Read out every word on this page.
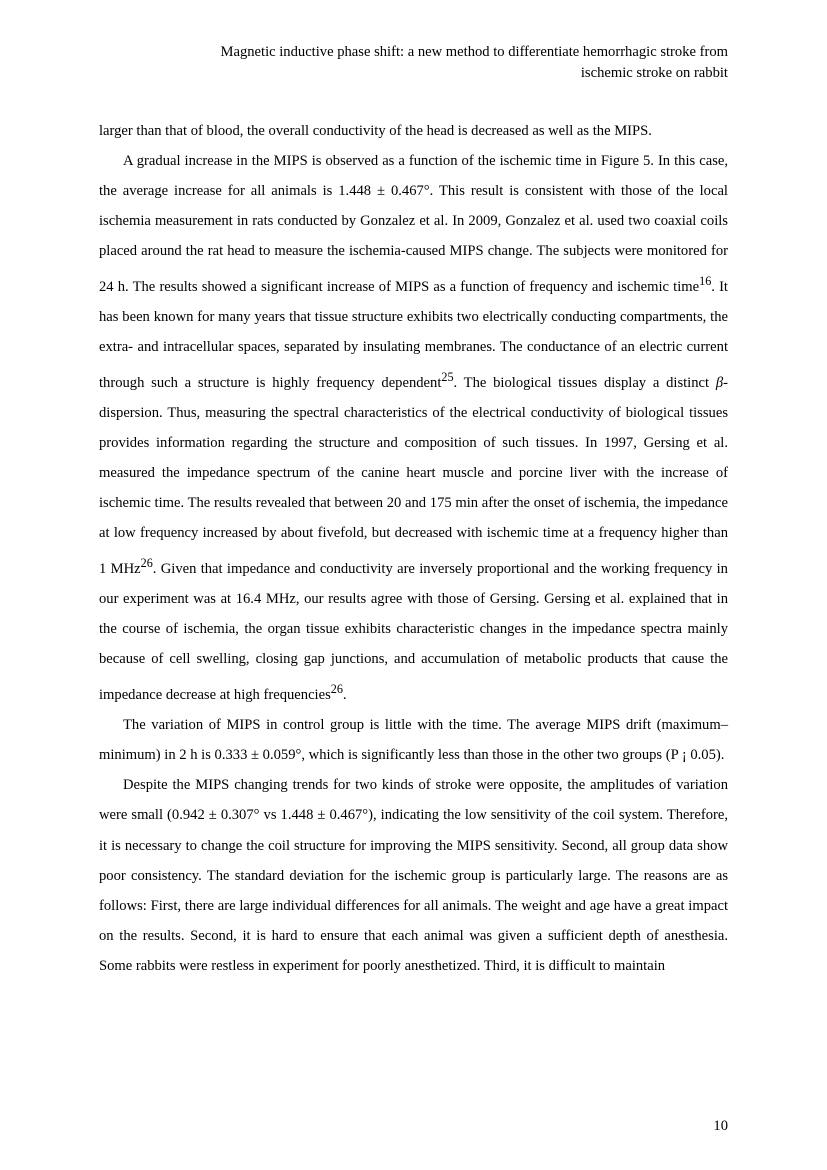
Magnetic inductive phase shift: a new method to differentiate hemorrhagic stroke from
ischemic stroke on rabbit

larger than that of blood, the overall conductivity of the head is decreased as well as the MIPS.

A gradual increase in the MIPS is observed as a function of the ischemic time in Figure 5. In this case, the average increase for all animals is 1.448 ± 0.467°. This result is consistent with those of the local ischemia measurement in rats conducted by Gonzalez et al. In 2009, Gonzalez et al. used two coaxial coils placed around the rat head to measure the ischemia-caused MIPS change. The subjects were monitored for 24 h. The results showed a significant increase of MIPS as a function of frequency and ischemic time$^{16}$. It has been known for many years that tissue structure exhibits two electrically conducting compartments, the extra- and intracellular spaces, separated by insulating membranes. The conductance of an electric current through such a structure is highly frequency dependent$^{25}$. The biological tissues display a distinct β-dispersion. Thus, measuring the spectral characteristics of the electrical conductivity of biological tissues provides information regarding the structure and composition of such tissues. In 1997, Gersing et al. measured the impedance spectrum of the canine heart muscle and porcine liver with the increase of ischemic time. The results revealed that between 20 and 175 min after the onset of ischemia, the impedance at low frequency increased by about fivefold, but decreased with ischemic time at a frequency higher than 1 MHz$^{26}$. Given that impedance and conductivity are inversely proportional and the working frequency in our experiment was at 16.4 MHz, our results agree with those of Gersing. Gersing et al. explained that in the course of ischemia, the organ tissue exhibits characteristic changes in the impedance spectra mainly because of cell swelling, closing gap junctions, and accumulation of metabolic products that cause the impedance decrease at high frequencies$^{26}$.

The variation of MIPS in control group is little with the time. The average MIPS drift (maximum–minimum) in 2 h is 0.333 ± 0.059°, which is significantly less than those in the other two groups (P ¡ 0.05).

Despite the MIPS changing trends for two kinds of stroke were opposite, the amplitudes of variation were small (0.942 ± 0.307° vs 1.448 ± 0.467°), indicating the low sensitivity of the coil system. Therefore, it is necessary to change the coil structure for improving the MIPS sensitivity. Second, all group data show poor consistency. The standard deviation for the ischemic group is particularly large. The reasons are as follows: First, there are large individual differences for all animals. The weight and age have a great impact on the results. Second, it is hard to ensure that each animal was given a sufficient depth of anesthesia. Some rabbits were restless in experiment for poorly anesthetized. Third, it is difficult to maintain

10
